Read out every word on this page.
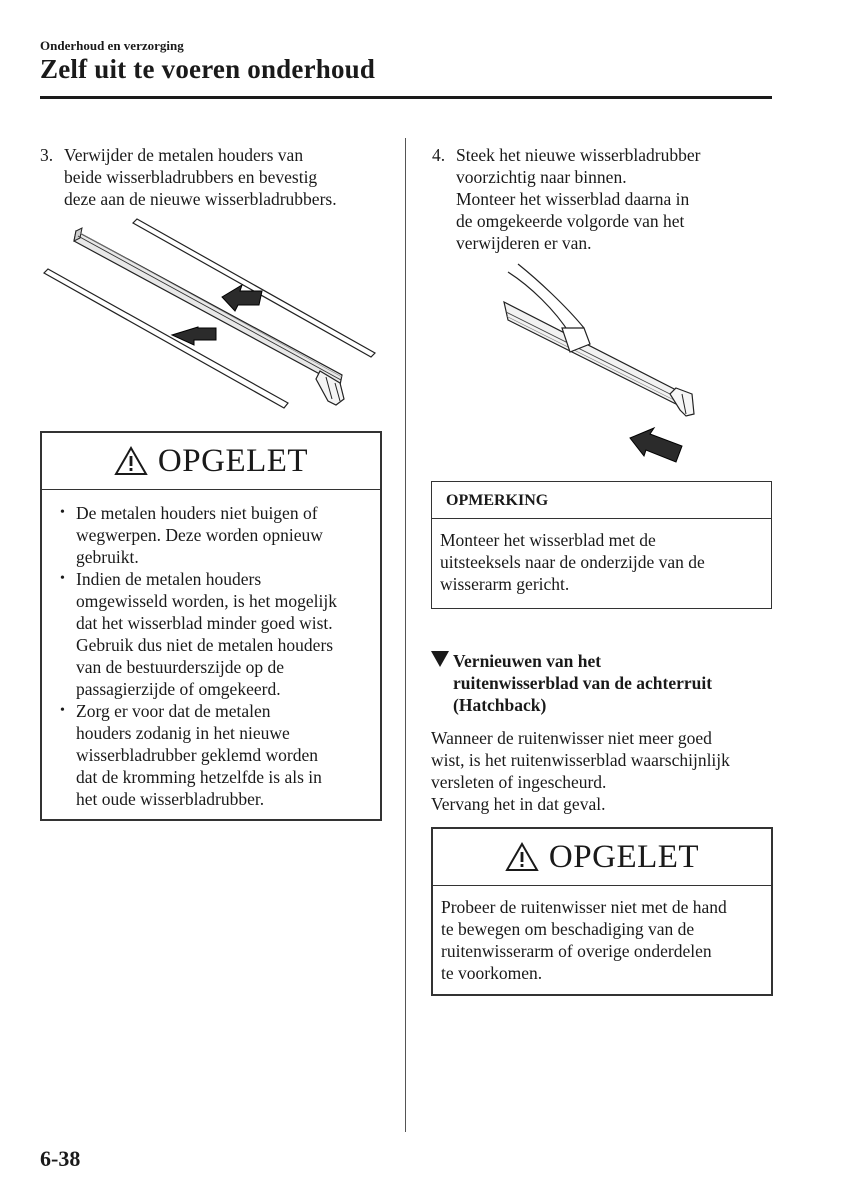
Onderhoud en verzorging
Zelf uit te voeren onderhoud
3. Verwijder de metalen houders van
beide wisserbladrubbers en bevestig
deze aan de nieuwe wisserbladrubbers.
OPGELET
• De metalen houders niet buigen of
wegwerpen. Deze worden opnieuw
gebruikt.
• Indien de metalen houders
omgewisseld worden, is het mogelijk
dat het wisserblad minder goed wist.
Gebruik dus niet de metalen houders
van de bestuurderszijde op de
passagierzijde of omgekeerd.
• Zorg er voor dat de metalen
houders zodanig in het nieuwe
wisserbladrubber geklemd worden
dat de kromming hetzelfde is als in
het oude wisserbladrubber.
4. Steek het nieuwe wisserbladrubber
voorzichtig naar binnen.
Monteer het wisserblad daarna in
de omgekeerde volgorde van het
verwijderen er van.
OPMERKING
Monteer het wisserblad met de
uitsteeksels naar de onderzijde van de
wisserarm gericht.
Vernieuwen van het
ruitenwisserblad van de achterruit
(Hatchback)
Wanneer de ruitenwisser niet meer goed
wist, is het ruitenwisserblad waarschijnlijk
versleten of ingescheurd.
Vervang het in dat geval.
OPGELET
Probeer de ruitenwisser niet met de hand
te bewegen om beschadiging van de
ruitenwisserarm of overige onderdelen
te voorkomen.
6-38
